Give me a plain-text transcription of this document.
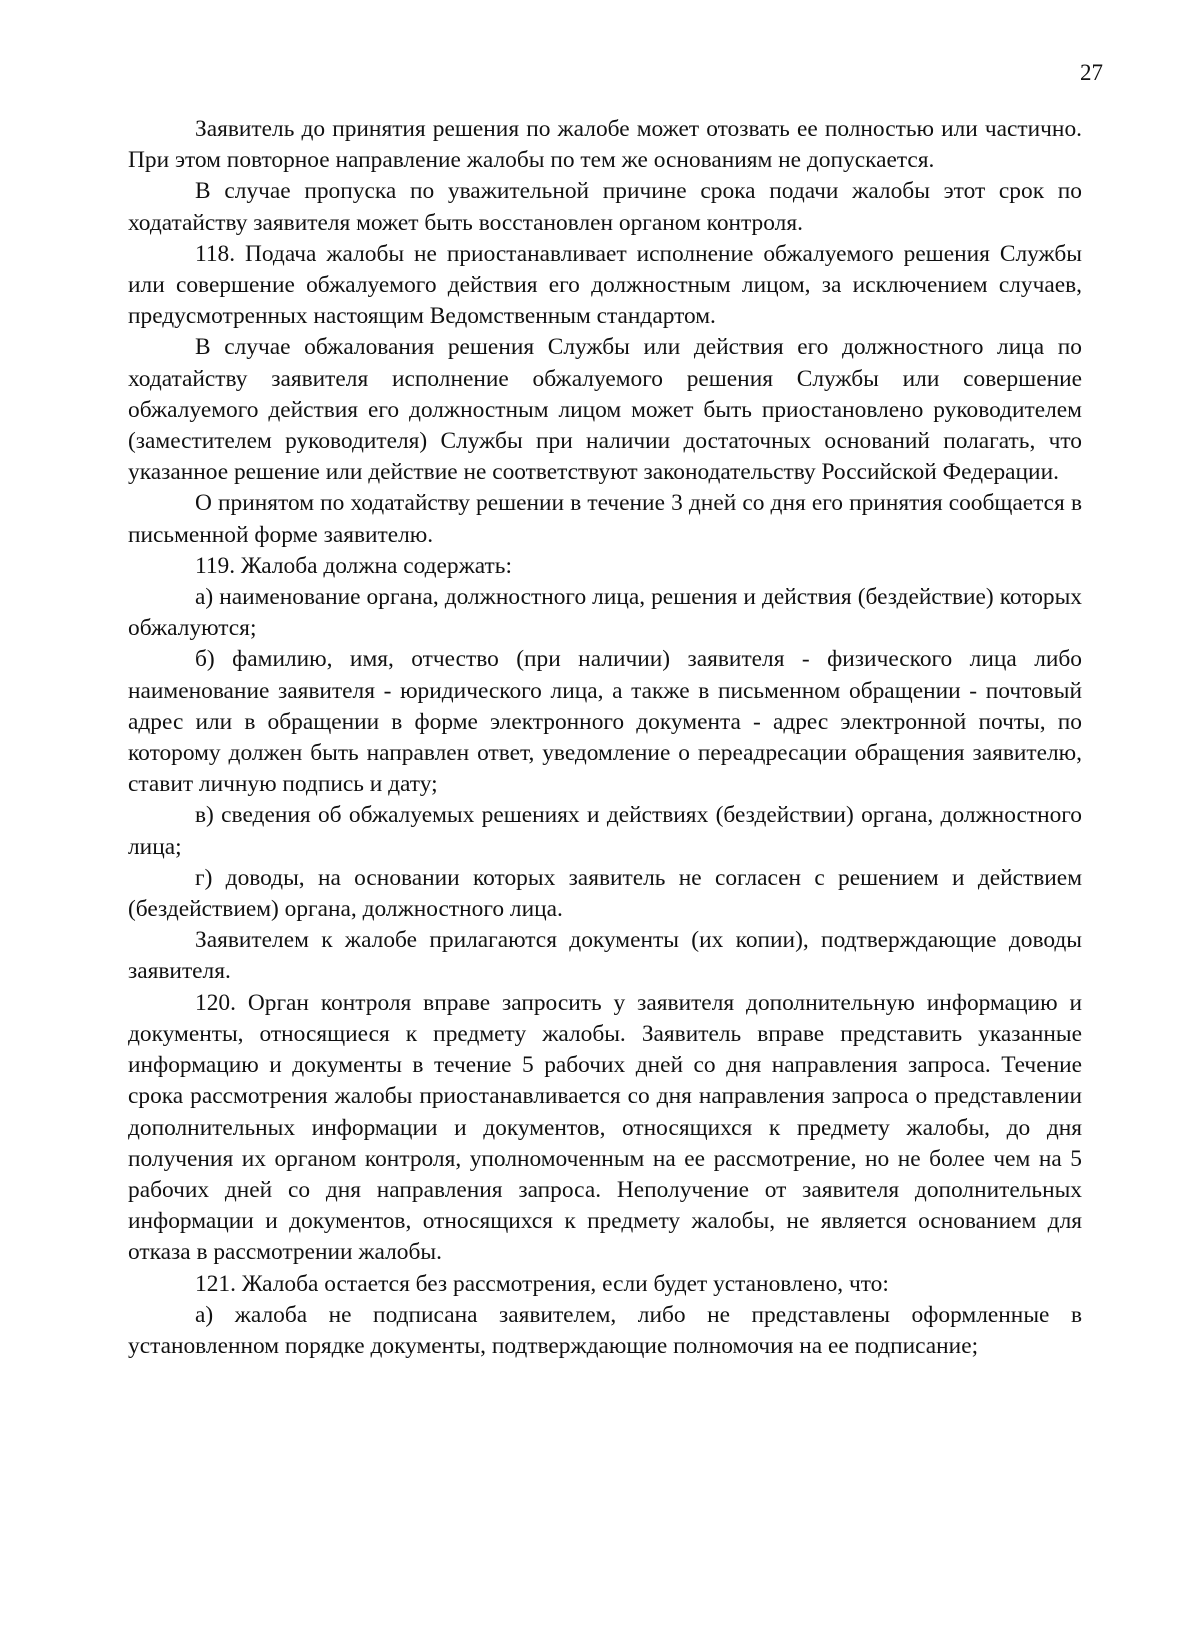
27

Заявитель до принятия решения по жалобе может отозвать ее полностью или частично. При этом повторное направление жалобы по тем же основаниям не допускается.

В случае пропуска по уважительной причине срока подачи жалобы этот срок по ходатайству заявителя может быть восстановлен органом контроля.

118. Подача жалобы не приостанавливает исполнение обжалуемого решения Службы или совершение обжалуемого действия его должностным лицом, за исключением случаев, предусмотренных настоящим Ведомственным стандартом.

В случае обжалования решения Службы или действия его должностного лица по ходатайству заявителя исполнение обжалуемого решения Службы или совершение обжалуемого действия его должностным лицом может быть приостановлено руководителем (заместителем руководителя) Службы при наличии достаточных оснований полагать, что указанное решение или действие не соответствуют законодательству Российской Федерации.

О принятом по ходатайству решении в течение 3 дней со дня его принятия сообщается в письменной форме заявителю.

119. Жалоба должна содержать:

а) наименование органа, должностного лица, решения и действия (бездействие) которых обжалуются;

б) фамилию, имя, отчество (при наличии) заявителя - физического лица либо наименование заявителя - юридического лица, а также в письменном обращении - почтовый адрес или в обращении в форме электронного документа - адрес электронной почты, по которому должен быть направлен ответ, уведомление о переадресации обращения заявителю, ставит личную подпись и дату;

в) сведения об обжалуемых решениях и действиях (бездействии) органа, должностного лица;

г) доводы, на основании которых заявитель не согласен с решением и действием (бездействием) органа, должностного лица.

Заявителем к жалобе прилагаются документы (их копии), подтверждающие доводы заявителя.

120. Орган контроля вправе запросить у заявителя дополнительную информацию и документы, относящиеся к предмету жалобы. Заявитель вправе представить указанные информацию и документы в течение 5 рабочих дней со дня направления запроса. Течение срока рассмотрения жалобы приостанавливается со дня направления запроса о представлении дополнительных информации и документов, относящихся к предмету жалобы, до дня получения их органом контроля, уполномоченным на ее рассмотрение, но не более чем на 5 рабочих дней со дня направления запроса. Неполучение от заявителя дополнительных информации и документов, относящихся к предмету жалобы, не является основанием для отказа в рассмотрении жалобы.

121. Жалоба остается без рассмотрения, если будет установлено, что:

а) жалоба не подписана заявителем, либо не представлены оформленные в установленном порядке документы, подтверждающие полномочия на ее подписание;
